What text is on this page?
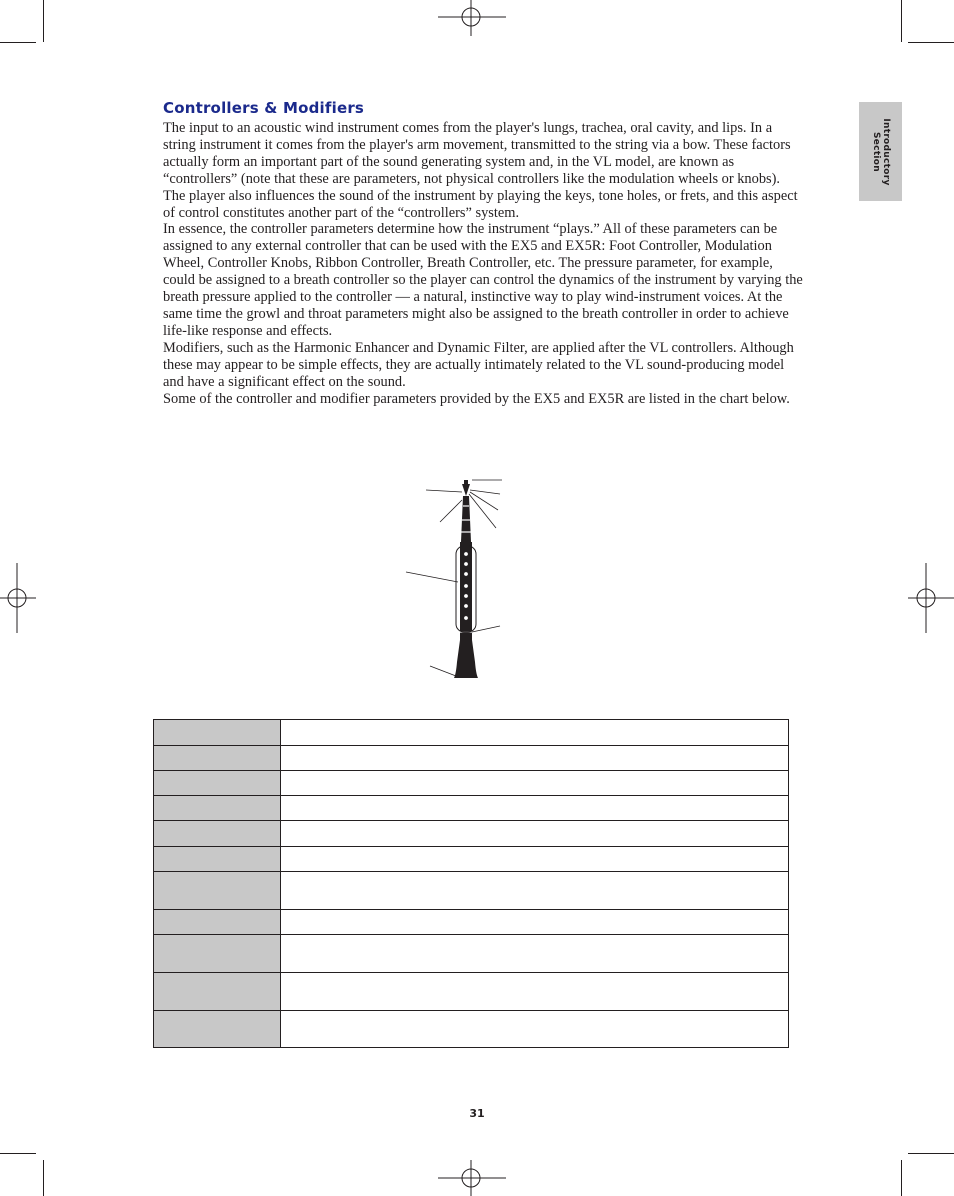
Introductory
Section
Controllers & Modifiers

The input to an acoustic wind instrument comes from the player's lungs, trachea, oral cavity, and lips. In a string instrument it comes from the player's arm movement, transmitted to the string via a bow. These factors actually form an important part of the sound generating system and, in the VL model, are known as “controllers” (note that these are parameters, not physical controllers like the modulation wheels or knobs). The player also influences the sound of the instrument by playing the keys, tone holes, or frets, and this aspect of control constitutes another part of the “controllers” system.

In essence, the controller parameters determine how the instrument “plays.” All of these parameters can be assigned to any external controller that can be used with the EX5 and EX5R: Foot Controller, Modulation Wheel, Controller Knobs, Ribbon Controller, Breath Controller, etc. The pressure parameter, for example, could be assigned to a breath controller so the player can control the dynamics of the instrument by varying the breath pressure applied to the controller — a natural, instinctive way to play wind-instrument voices. At the same time the growl and throat parameters might also be assigned to the breath controller in order to achieve life-like response and effects.

Modifiers, such as the Harmonic Enhancer and Dynamic Filter, are applied after the VL controllers. Although these may appear to be simple effects, they are actually intimately related to the VL sound-producing model and have a significant effect on the sound.

Some of the controller and modifier parameters provided by the EX5 and EX5R are listed in the chart below.

31
